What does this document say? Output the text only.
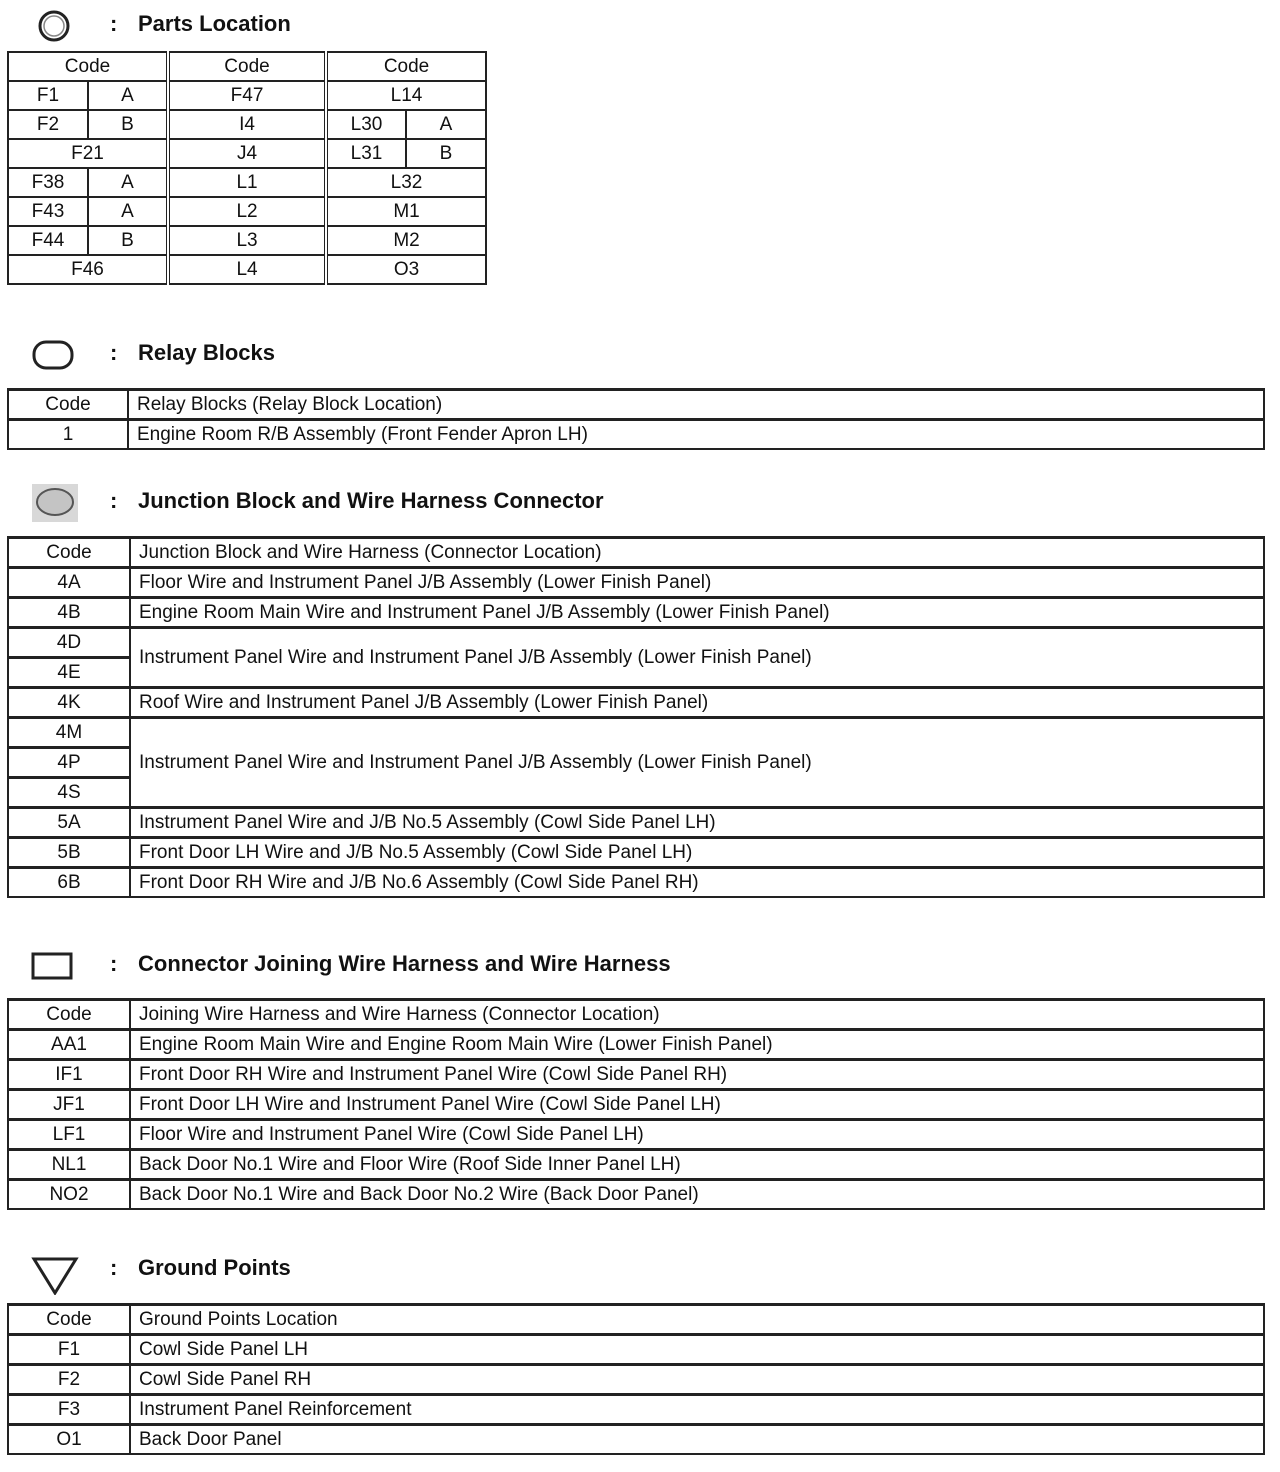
: Parts Location
Code		Code	Code	
F1	A	F47	L14	
F2	B	I4	L30	A
F21		J4	L31	B
F38	A	L1	L32	
F43	A	L2	M1	
F44	B	L3	M2	
F46		L4	O3	
: Relay Blocks
Code	Relay Blocks (Relay Block Location)
1	Engine Room R/B Assembly (Front Fender Apron LH)
: Junction Block and Wire Harness Connector
Code	Junction Block and Wire Harness (Connector Location)
4A	Floor Wire and Instrument Panel J/B Assembly (Lower Finish Panel)
4B	Engine Room Main Wire and Instrument Panel J/B Assembly (Lower Finish Panel)
4D	Instrument Panel Wire and Instrument Panel J/B Assembly (Lower Finish Panel)
4E	
4K	Roof Wire and Instrument Panel J/B Assembly (Lower Finish Panel)
4M	Instrument Panel Wire and Instrument Panel J/B Assembly (Lower Finish Panel)
4P	
4S	
5A	Instrument Panel Wire and J/B No.5 Assembly (Cowl Side Panel LH)
5B	Front Door LH Wire and J/B No.5 Assembly (Cowl Side Panel LH)
6B	Front Door RH Wire and J/B No.6 Assembly (Cowl Side Panel RH)
: Connector Joining Wire Harness and Wire Harness
Code	Joining Wire Harness and Wire Harness (Connector Location)
AA1	Engine Room Main Wire and Engine Room Main Wire (Lower Finish Panel)
IF1	Front Door RH Wire and Instrument Panel Wire (Cowl Side Panel RH)
JF1	Front Door LH Wire and Instrument Panel Wire (Cowl Side Panel LH)
LF1	Floor Wire and Instrument Panel Wire (Cowl Side Panel LH)
NL1	Back Door No.1 Wire and Floor Wire (Roof Side Inner Panel LH)
NO2	Back Door No.1 Wire and Back Door No.2 Wire (Back Door Panel)
: Ground Points
Code	Ground Points Location
F1	Cowl Side Panel LH
F2	Cowl Side Panel RH
F3	Instrument Panel Reinforcement
O1	Back Door Panel
